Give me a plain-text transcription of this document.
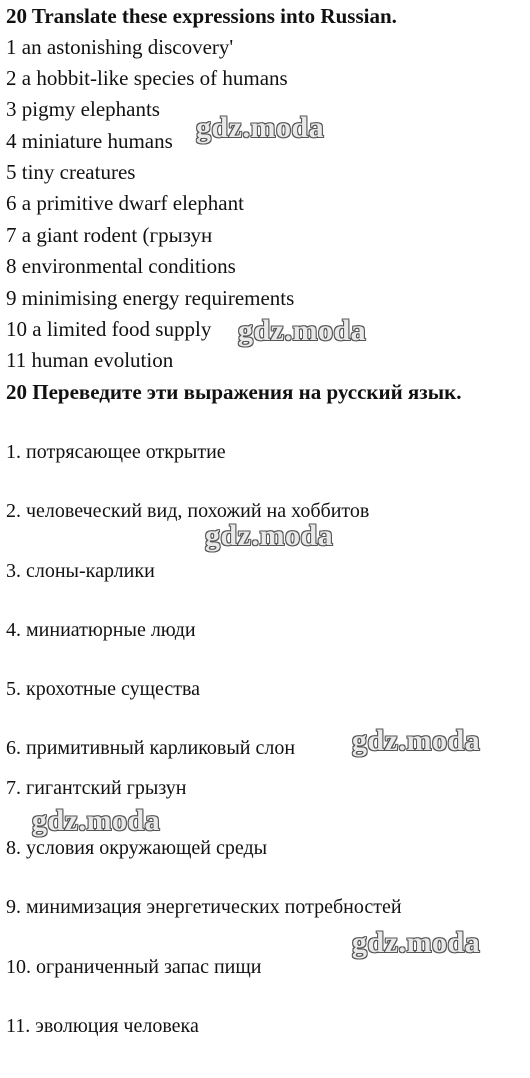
20 Translate these expressions into Russian.
1 an astonishing discovery'
2 a hobbit-like species of humans
3 pigmy elephants
4 miniature humans
5 tiny creatures
6 a primitive dwarf elephant
7 a giant rodent (грызун
8 environmental conditions
9 minimising energy requirements
10 a limited food supply
11 human evolution
20 Переведите эти выражения на русский язык.
1. потрясающее открытие
2. человеческий вид, похожий на хоббитов
3. слоны-карлики
4. миниатюрные люди
5. крохотные существа
6. примитивный карликовый слон
7. гигантский грызун
8. условия окружающей среды
9. минимизация энергетических потребностей
10. ограниченный запас пищи
11. эволюция человека
gdz.moda
gdz.moda
gdz.moda
gdz.moda
gdz.moda
gdz.moda
